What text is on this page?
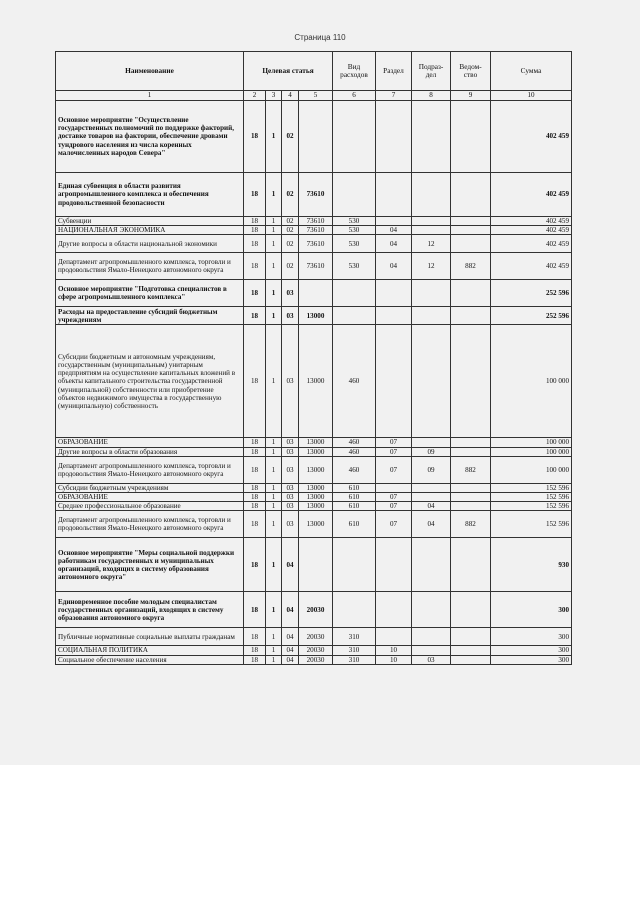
Страница 110
Наименование	Целевая статья				Вид расходов	Раздел	Подраз-дел	Ведом-ство	Сумма
1	2	3	4	5	6	7	8	9	10
Основное мероприятие "Осуществление государственных полномочий по поддержке факторий, доставке товаров на фактории, обеспечение дровами тундрового населения из числа коренных малочисленных народов Севера"	18	1	02						402 459
Единая субвенция в области развития агропромышленного комплекса и обеспечения продовольственной безопасности	18	1	02	73610					402 459
Субвенции	18	1	02	73610	530				402 459
НАЦИОНАЛЬНАЯ ЭКОНОМИКА	18	1	02	73610	530	04			402 459
Другие вопросы в области национальной экономики	18	1	02	73610	530	04	12		402 459
Департамент агропромышленного комплекса, торговли и продовольствия Ямало-Ненецкого автономного округа	18	1	02	73610	530	04	12	882	402 459
Основное мероприятие "Подготовка специалистов в сфере агропромышленного комплекса"	18	1	03						252 596
Расходы на предоставление субсидий бюджетным учреждениям	18	1	03	13000					252 596
Субсидии бюджетным и автономным учреждениям, государственным (муниципальным) унитарным предприятиям на осуществление капитальных вложений в объекты капитального строительства государственной (муниципальной) собственности или приобретение объектов недвижимого имущества в государственную (муниципальную) собственность	18	1	03	13000	460				100 000
ОБРАЗОВАНИЕ	18	1	03	13000	460	07			100 000
Другие вопросы в области образования	18	1	03	13000	460	07	09		100 000
Департамент агропромышленного комплекса, торговли и продовольствия Ямало-Ненецкого автономного округа	18	1	03	13000	460	07	09	882	100 000
Субсидии бюджетным учреждениям	18	1	03	13000	610				152 596
ОБРАЗОВАНИЕ	18	1	03	13000	610	07			152 596
Среднее профессиональное образование	18	1	03	13000	610	07	04		152 596
Департамент агропромышленного комплекса, торговли и продовольствия Ямало-Ненецкого автономного округа	18	1	03	13000	610	07	04	882	152 596
Основное мероприятие "Меры социальной поддержки работникам государственных и муниципальных организаций, входящих в систему образования автономного округа"	18	1	04						930
Единовременное пособие молодым специалистам государственных организаций, входящих в систему образования автономного округа	18	1	04	20030					300
Публичные нормативные социальные выплаты гражданам	18	1	04	20030	310				300
СОЦИАЛЬНАЯ ПОЛИТИКА	18	1	04	20030	310	10			300
Социальное обеспечение населения	18	1	04	20030	310	10	03		300
